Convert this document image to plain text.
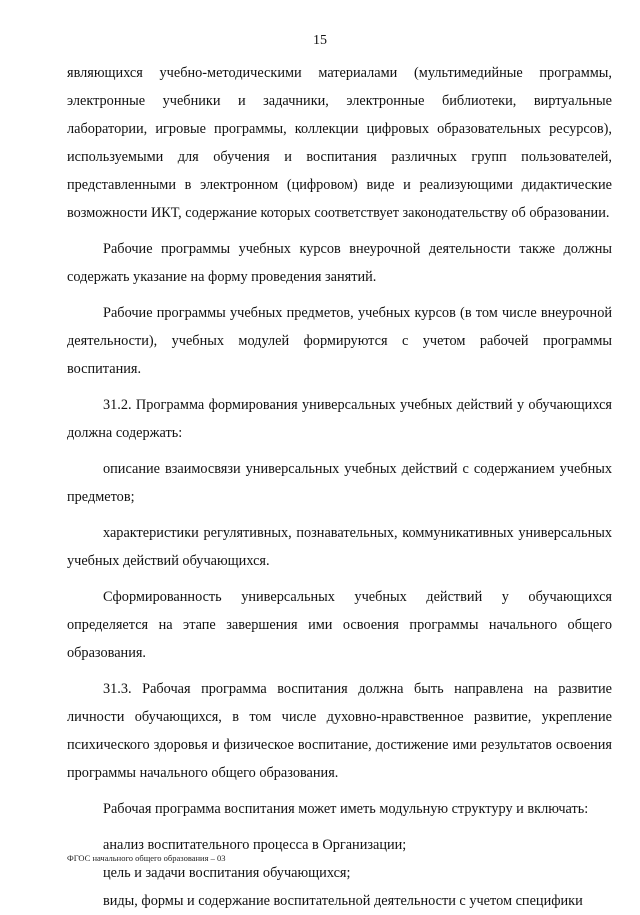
15

являющихся учебно-методическими материалами (мультимедийные программы, электронные учебники и задачники, электронные библиотеки, виртуальные лаборатории, игровые программы, коллекции цифровых образовательных ресурсов), используемыми для обучения и воспитания различных групп пользователей, представленными в электронном (цифровом) виде и реализующими дидактические возможности ИКТ, содержание которых соответствует законодательству об образовании.

Рабочие программы учебных курсов внеурочной деятельности также должны содержать указание на форму проведения занятий.

Рабочие программы учебных предметов, учебных курсов (в том числе внеурочной деятельности), учебных модулей формируются с учетом рабочей программы воспитания.

31.2. Программа формирования универсальных учебных действий у обучающихся должна содержать:

описание взаимосвязи универсальных учебных действий с содержанием учебных предметов;

характеристики регулятивных, познавательных, коммуникативных универсальных учебных действий обучающихся.

Сформированность универсальных учебных действий у обучающихся определяется на этапе завершения ими освоения программы начального общего образования.

31.3. Рабочая программа воспитания должна быть направлена на развитие личности обучающихся, в том числе духовно-нравственное развитие, укрепление психического здоровья и физическое воспитание, достижение ими результатов освоения программы начального общего образования.

Рабочая программа воспитания может иметь модульную структуру и включать:

анализ воспитательного процесса в Организации;

цель и задачи воспитания обучающихся;

виды, формы и содержание воспитательной деятельности с учетом специфики

ФГОС начального общего образования – 03
